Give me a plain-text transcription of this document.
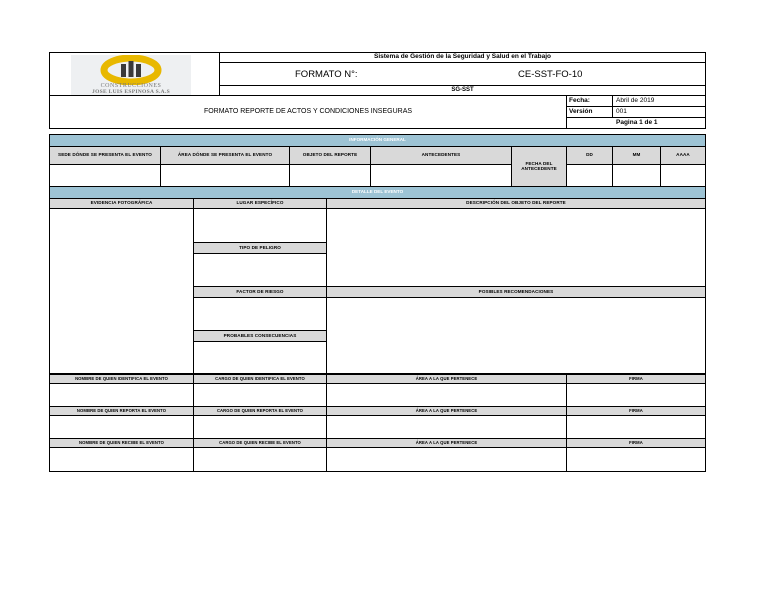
CONSTRUCCIONES
JOSE LUIS ESPINOSA S.A.S
Sistema de Gestión de la Seguridad y Salud en el Trabajo
FORMATO N°:	CE-SST-FO-10
SG-SST
FORMATO REPORTE DE ACTOS Y CONDICIONES INSEGURAS
Fecha:	Abril de 2019
Versión	001
Pagina 1 de 1
INFORMACIÓN GENERAL
SEDE DÓNDE SE PRESENTA EL EVENTO	ÁREA DÓNDE SE PRESENTA EL EVENTO	OBJETO DEL REPORTE	ANTECEDENTES
FECHA DEL ANTECEDENTE
DD	MM	AAAA
DETALLE DEL EVENTO
EVIDENCIA FOTOGRÁFICA	LUGAR ESPECÍFICO	DESCRIPCIÓN DEL OBJETO DEL REPORTE
TIPO DE PELIGRO
FACTOR DE RIESGO	POSIBLES RECOMENDACIONES
PROBABLES CONSECUENCIAS
NOMBRE DE QUIEN IDENTIFICA EL EVENTO	CARGO DE QUIEN IDENTIFICA EL EVENTO	ÁREA A LA QUE PERTENECE	FIRMA
NOMBRE DE QUIEN REPORTA EL EVENTO	CARGO DE QUIEN REPORTA EL EVENTO	ÁREA A LA QUE PERTENECE	FIRMA
NOMBRE DE QUIEN RECIBE EL EVENTO	CARGO DE QUIEN RECIBE EL EVENTO	ÁREA A LA QUE PERTENECE	FIRMA
